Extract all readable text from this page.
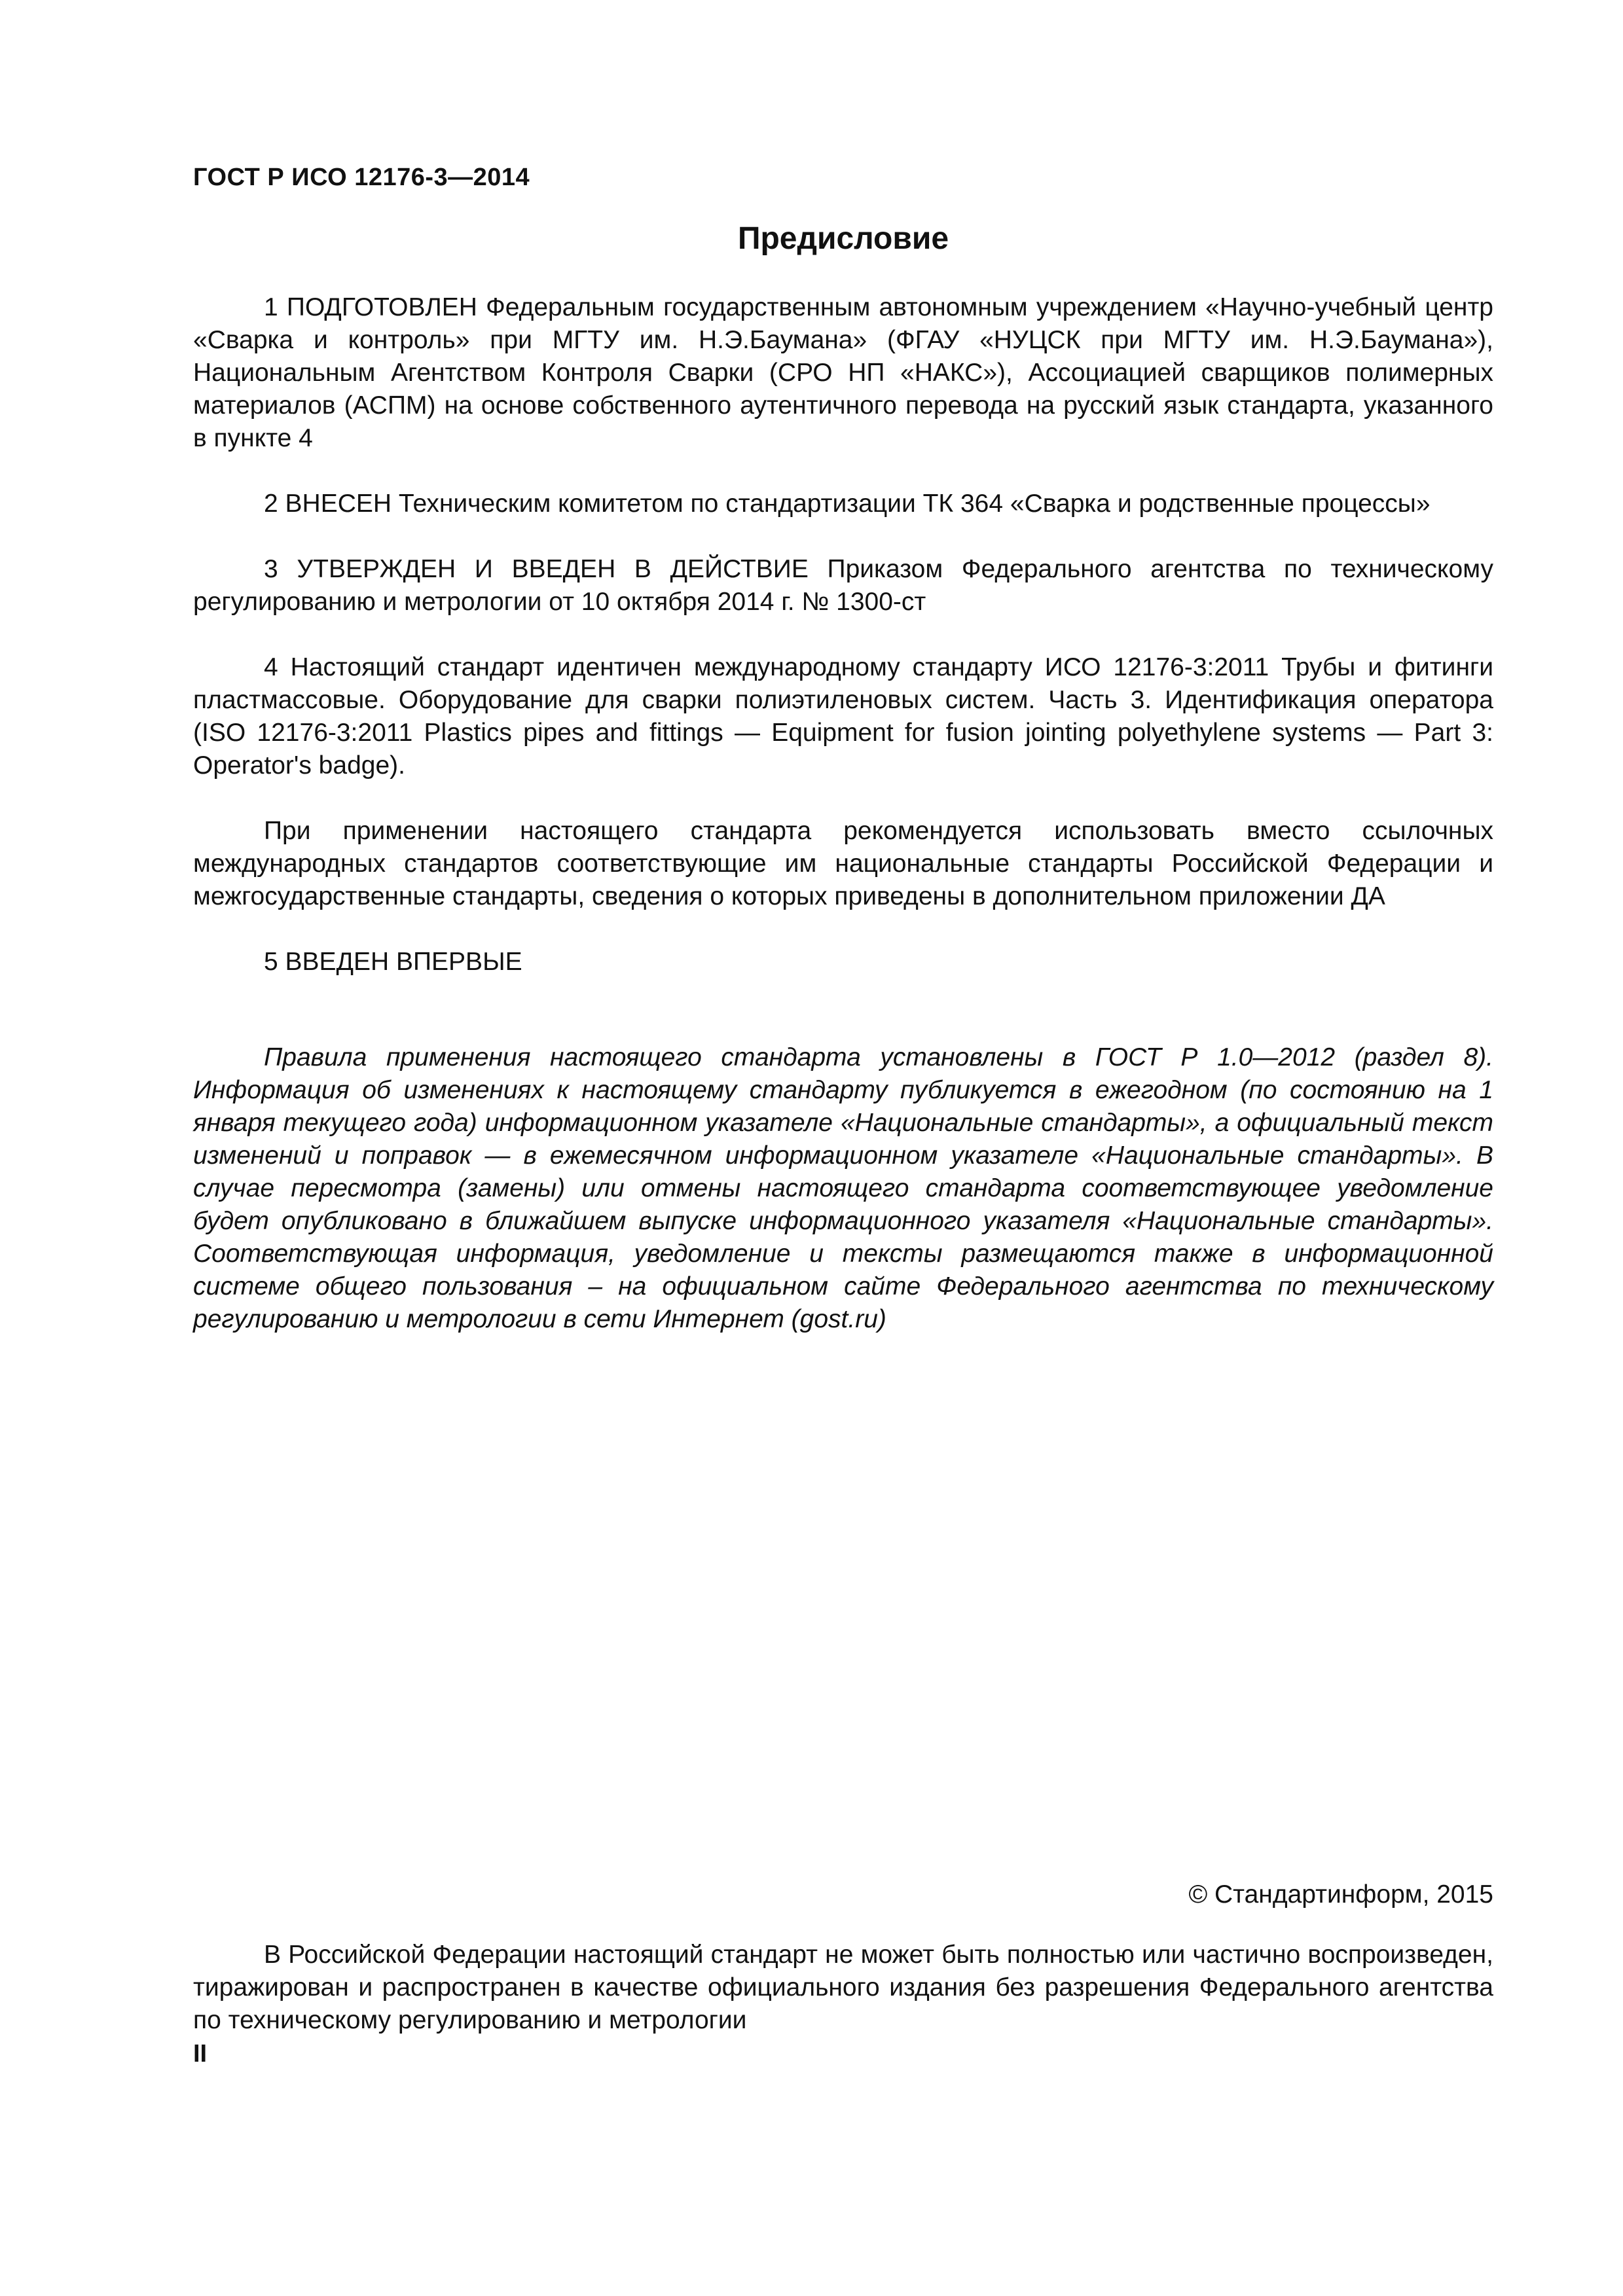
ГОСТ Р ИСО 12176-3—2014
Предисловие

1 ПОДГОТОВЛЕН Федеральным государственным автономным учреждением «Научно-учебный центр «Сварка и контроль» при МГТУ им. Н.Э.Баумана» (ФГАУ «НУЦСК при МГТУ им. Н.Э.Баумана»), Национальным Агентством Контроля Сварки (СРО НП «НАКС»), Ассоциацией сварщиков полимерных материалов (АСПМ) на основе собственного аутентичного перевода на русский язык стандарта, указанного в пункте 4

2 ВНЕСЕН Техническим комитетом по стандартизации ТК 364 «Сварка и родственные процессы»

3 УТВЕРЖДЕН И ВВЕДЕН В ДЕЙСТВИЕ Приказом Федерального агентства по техническому регулированию и метрологии от 10 октября 2014 г. № 1300-ст

4 Настоящий стандарт идентичен международному стандарту ИСО 12176-3:2011 Трубы и фитинги пластмассовые. Оборудование для сварки полиэтиленовых систем. Часть 3. Идентификация оператора (ISO 12176-3:2011 Plastics pipes and fittings — Equipment for fusion jointing polyethylene systems — Part 3: Operator's badge).

При применении настоящего стандарта рекомендуется использовать вместо ссылочных международных стандартов соответствующие им национальные стандарты Российской Федерации и межгосударственные стандарты, сведения о которых приведены в дополнительном приложении ДА

5 ВВЕДЕН ВПЕРВЫЕ

Правила применения настоящего стандарта установлены в ГОСТ Р 1.0—2012 (раздел 8). Информация об изменениях к настоящему стандарту публикуется в ежегодном (по состоянию на 1 января текущего года) информационном указателе «Национальные стандарты», а официальный текст изменений и поправок — в ежемесячном информационном указателе «Национальные стандарты». В случае пересмотра (замены) или отмены настоящего стандарта соответствующее уведомление будет опубликовано в ближайшем выпуске информационного указателя «Национальные стандарты». Соответствующая информация, уведомление и тексты размещаются также в информационной системе общего пользования – на официальном сайте Федерального агентства по техническому регулированию и метрологии в сети Интернет (gost.ru)

© Стандартинформ, 2015

В Российской Федерации настоящий стандарт не может быть полностью или частично воспроизведен, тиражирован и распространен в качестве официального издания без разрешения Федерального агентства по техническому регулированию и метрологии

II
